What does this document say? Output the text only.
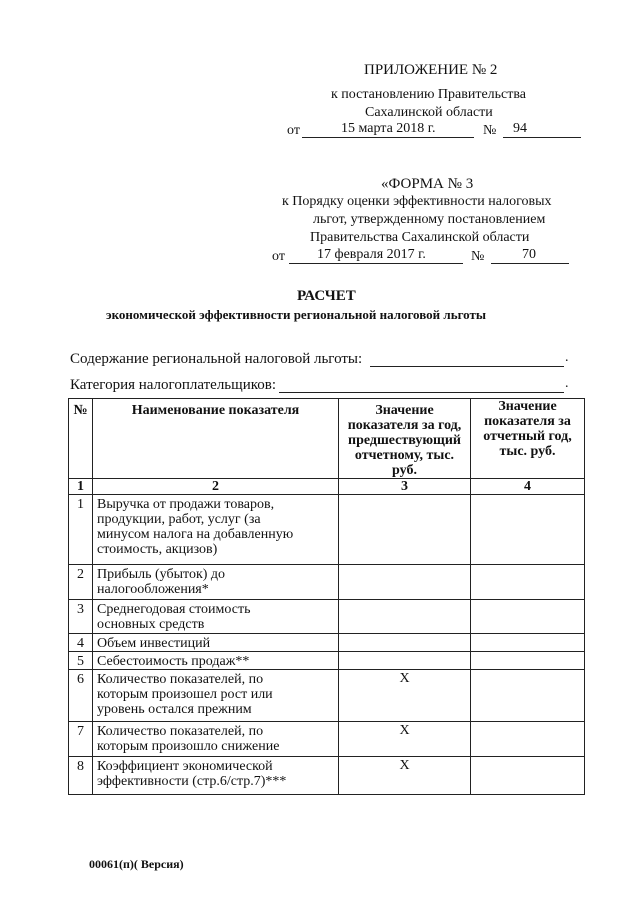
ПРИЛОЖЕНИЕ № 2
к постановлению Правительства
Сахалинской области
от	15 марта 2018 г.	№ 94
«ФОРМА № 3
к Порядку оценки эффективности налоговых
льгот, утвержденному постановлением
Правительства Сахалинской области
от 17 февраля 2017 г.	№	70
РАСЧЕТ
экономической эффективности региональной налоговой льготы
Содержание региональной налоговой льготы:	.
Категория налогоплательщиков:	.
№	Наименование показателя	Значение показателя за год, предшествующий отчетному, тыс. руб.	Значение показателя за отчетный год, тыс. руб.
1	2	3	4
1	Выручка от продажи товаров,
продукции, работ, услуг (за
минусом налога на добавленную
стоимость, акцизов)		

2	Прибыль (убыток) до
налогообложения*		

3	Среднегодовая стоимость
основных средств		

4	Объем инвестиций		

5	Себестоимость продаж**		

6	Количество показателей, по
которым произошел рост или
уровень остался прежним	X	
7	Количество показателей, по
которым произошло снижение	X	
8	Коэффициент экономической
эффективности (стр.6/стр.7)***	X	
00061(п)( Версия)
